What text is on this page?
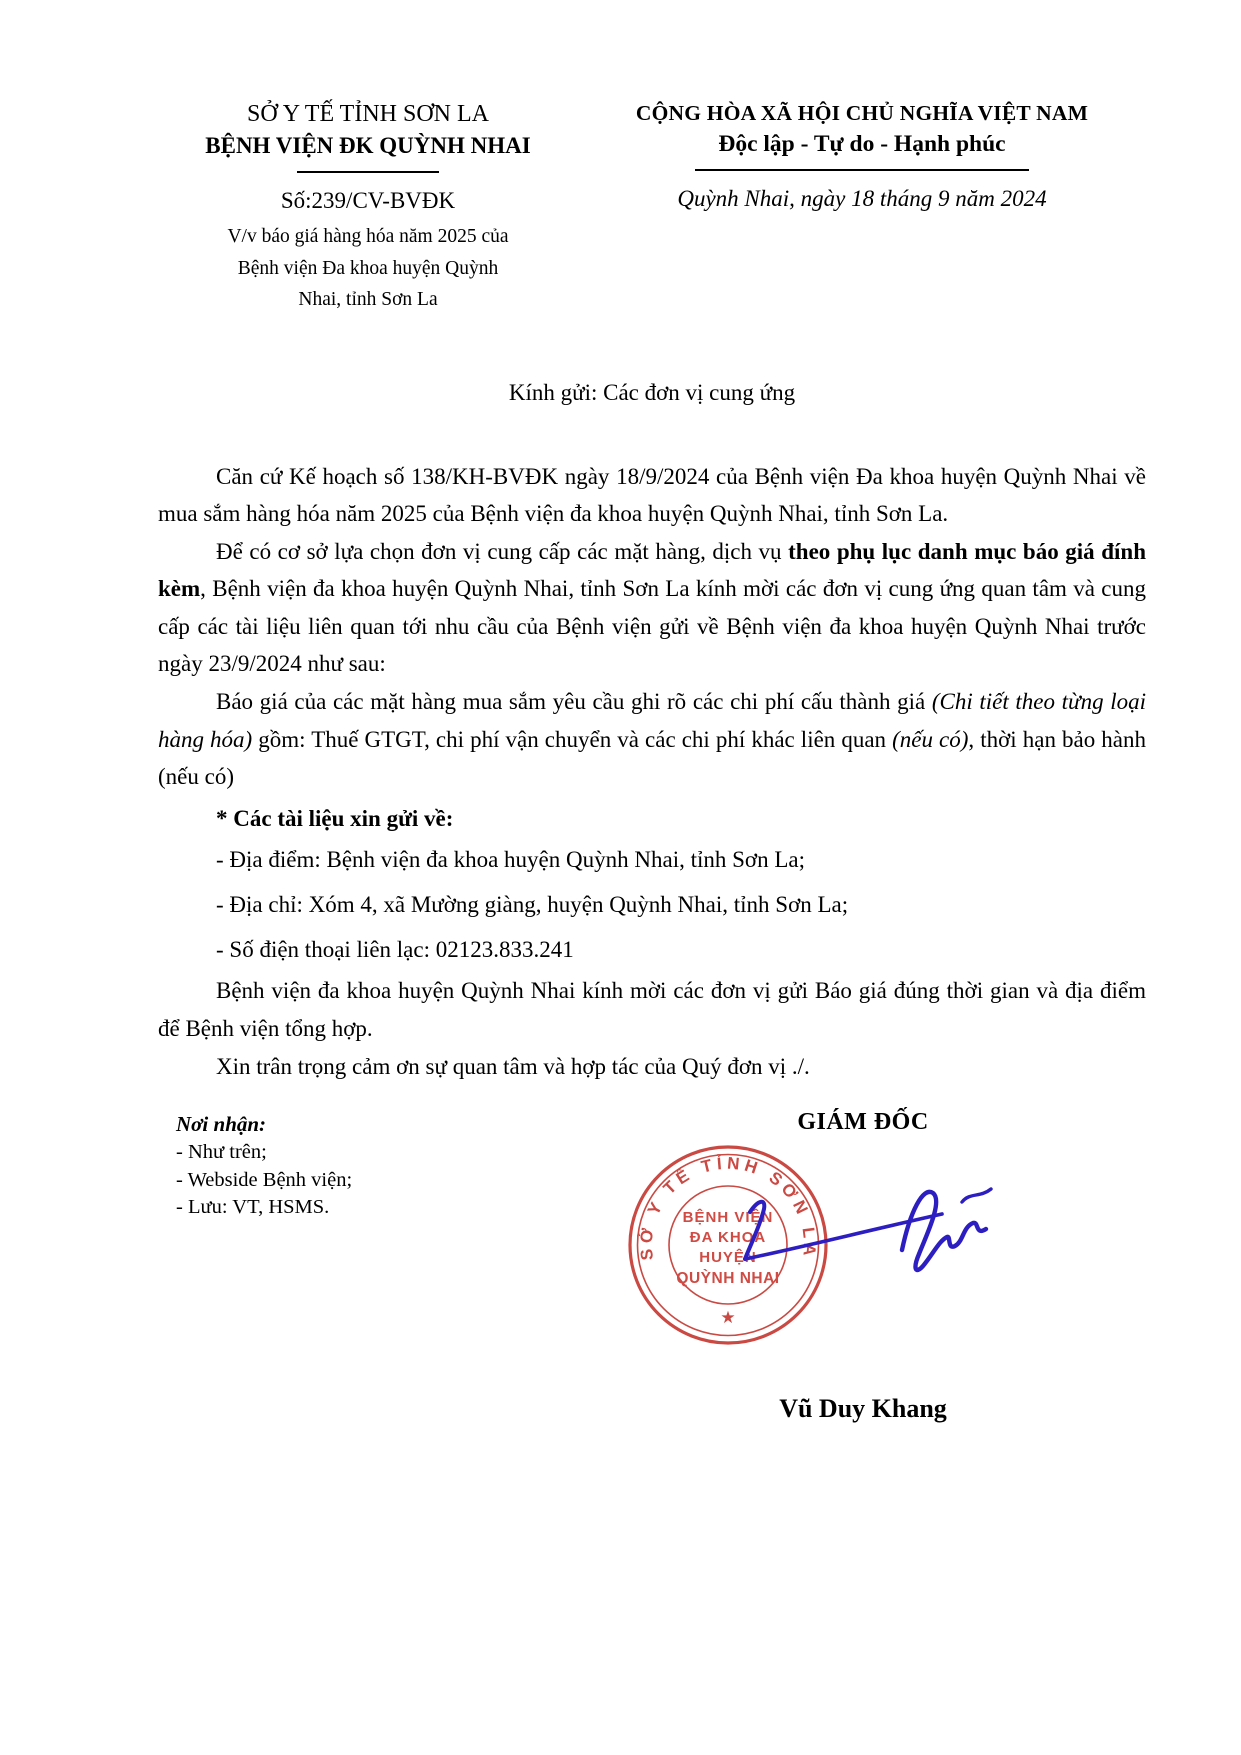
SỞ Y TẾ TỈNH SƠN LA
BỆNH VIỆN ĐK QUỲNH NHAI
Số:239/CV-BVĐK
V/v báo giá hàng hóa năm 2025 của
Bệnh viện Đa khoa huyện Quỳnh
Nhai, tỉnh Sơn La
CỘNG HÒA XÃ HỘI CHỦ NGHĨA VIỆT NAM
Độc lập - Tự do - Hạnh phúc
Quỳnh Nhai, ngày 18 tháng 9 năm 2024
Kính gửi: Các đơn vị cung ứng

Căn cứ Kế hoạch số 138/KH-BVĐK ngày 18/9/2024 của Bệnh viện Đa khoa huyện Quỳnh Nhai về mua sắm hàng hóa năm 2025 của Bệnh viện đa khoa huyện Quỳnh Nhai, tỉnh Sơn La.

Để có cơ sở lựa chọn đơn vị cung cấp các mặt hàng, dịch vụ theo phụ lục danh mục báo giá đính kèm, Bệnh viện đa khoa huyện Quỳnh Nhai, tỉnh Sơn La kính mời các đơn vị cung ứng quan tâm và cung cấp các tài liệu liên quan tới nhu cầu của Bệnh viện gửi về Bệnh viện đa khoa huyện Quỳnh Nhai trước ngày 23/9/2024 như sau:

Báo giá của các mặt hàng mua sắm yêu cầu ghi rõ các chi phí cấu thành giá (Chi tiết theo từng loại hàng hóa) gồm: Thuế GTGT, chi phí vận chuyển và các chi phí khác liên quan (nếu có), thời hạn bảo hành (nếu có)

* Các tài liệu xin gửi về:

- Địa điểm: Bệnh viện đa khoa huyện Quỳnh Nhai, tỉnh Sơn La;

- Địa chỉ: Xóm 4, xã Mường giàng, huyện Quỳnh Nhai, tỉnh Sơn La;

- Số điện thoại liên lạc: 02123.833.241

Bệnh viện đa khoa huyện Quỳnh Nhai kính mời các đơn vị gửi Báo giá đúng thời gian và địa điểm để Bệnh viện tổng hợp.

Xin trân trọng cảm ơn sự quan tâm và hợp tác của Quý đơn vị ./.

Nơi nhận:
- Như trên;
- Webside Bệnh viện;
- Lưu: VT, HSMS.
GIÁM ĐỐC
SỞ Y TẾ TỈNH SƠN LA
★
BỆNH VIỆN
ĐA KHOA
HUYỆN
QUỲNH NHAI
Vũ Duy Khang
